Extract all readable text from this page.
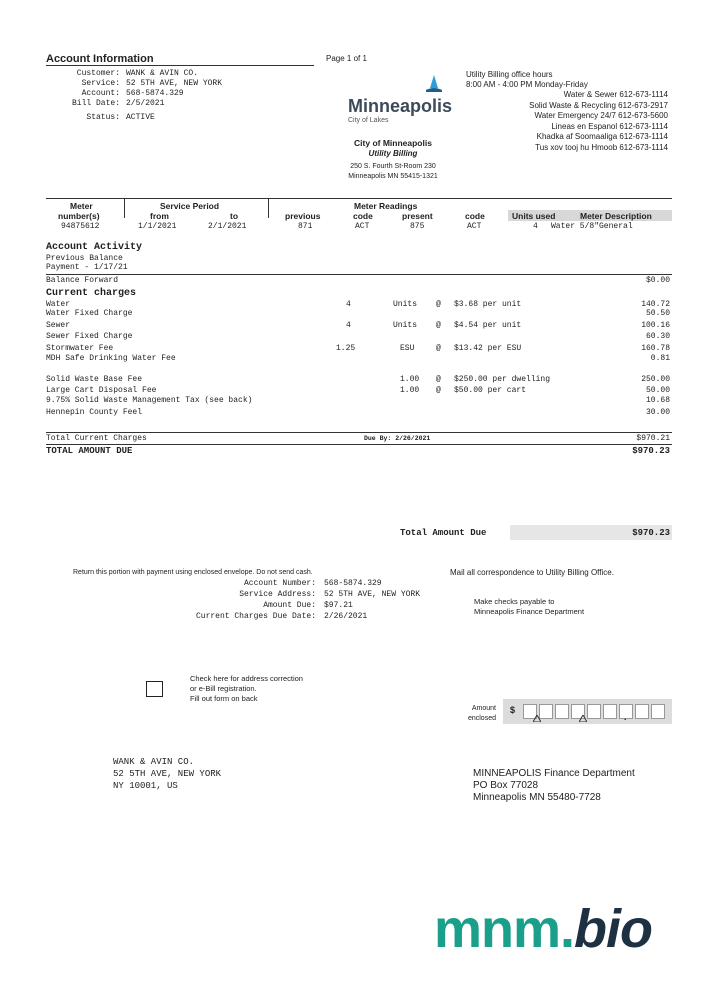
Account Information	Page 1 of 1
Customer: WANK & AVIN CO.
Service: 52 5TH AVE, NEW YORK
Account: 568-5874.329
Bill Date: 2/5/2021
Status: ACTIVE
Minneapolis
City of Lakes
City of Minneapolis
Utility Billing
250 S. Fourth St-Room 230
Minneapolis MN 55415-1321
Utility Billing office hours
8:00 AM - 4:00 PM Monday-Friday
Water & Sewer 612-673-1114
Solid Waste & Recycling 612-673-2917
Water Emergency 24/7 612-673-5600
Lineas en Espanol 612-673-1114
Khadka af Soomaaliga 612-673-1114
Tus xov tooj hu Hmoob 612-673-1114
Meter	Service Period	Meter Readings
number(s)	from	to	previous	code	present	code	Units used	Meter Description
94875612	1/1/2021	2/1/2021	871	ACT	875	ACT	4 Water 5/8"General
Account Activity
Previous Balance
Payment - 1/17/21
Balance Forward	$0.00
Current charges
Water	4	Units @ $3.68 per unit	140.72
Water Fixed Charge	50.50
Sewer	4	Units @ $4.54 per unit	100.16
Sewer Fixed Charge	60.30
Stormwater Fee	1.25	ESU	@ $13.42 per ESU	160.78
MDH Safe Drinking Water Fee	0.81
Solid Waste Base Fee	1.00 @ $250.00 per dwelling	250.00
Large Cart Disposal Fee	1.00 @ $50.00 per cart	50.00
9.75% Solid Waste Management Tax (see back)	10.68
Hennepin County Feel	30.00
Total Current Charges	Due By: 2/26/2021	$970.21
TOTAL AMOUNT DUE	$970.23
Total Amount Due	$970.23
Return this portion with payment using enclosed envelope. Do not send cash.	Mail all correspondence to Utility Billing Office.
Make checks payable to
Minneapolis Finance Department
Account Number: 568-5874.329
Service Address: 52 5TH AVE, NEW YORK
Amount Due: $97.21
Current Charges Due Date: 2/26/2021
Check here for address correction
or e-Bill registration.
Fill out form on back
Amount
enclosed
$
.
WANK & AVIN CO.
52 5TH AVE, NEW YORK
NY 10001, US
MINNEAPOLIS Finance Department
PO Box 77028
Minneapolis MN 55480-7728
mnm.bio
